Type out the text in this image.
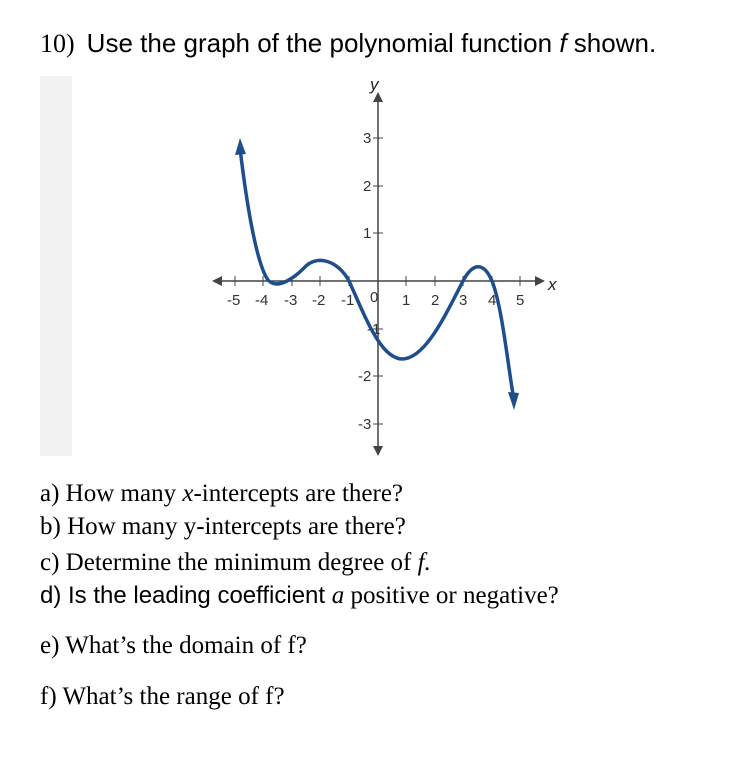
10) Use the graph of the polynomial function f shown.
x
y
-5 -4 -3 -2 -1 0 1 2 3 4 5
3
2
1
-1
-2
-3
a) How many x-intercepts are there?
b) How many y-intercepts are there?
c) Determine the minimum degree of f.
d) Is the leading coefficient a positive or negative?
e) What’s the domain of f?
f) What’s the range of f?
